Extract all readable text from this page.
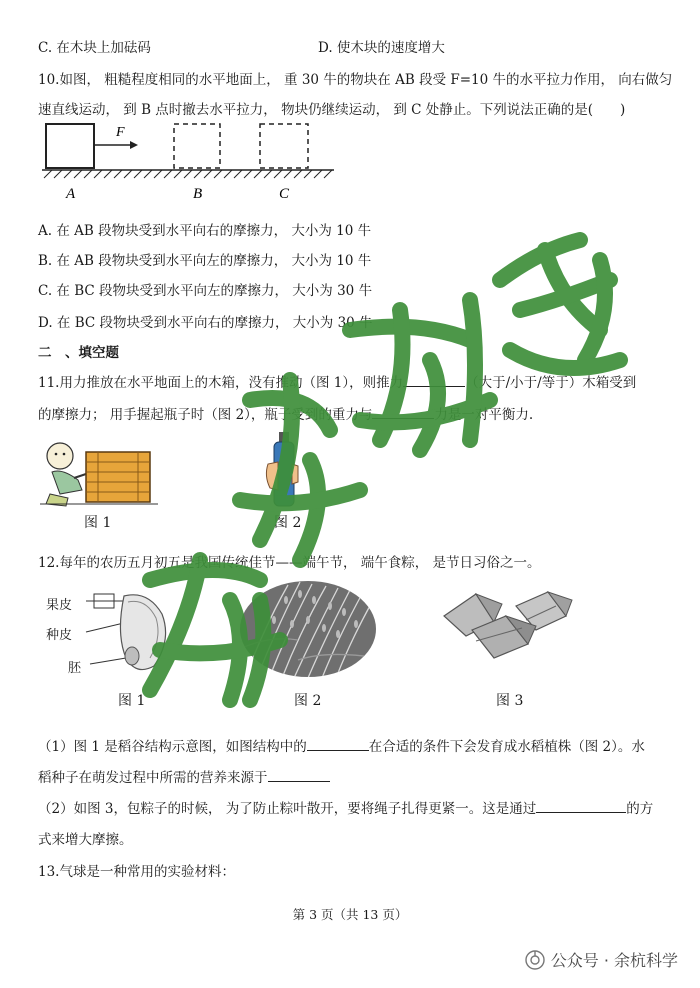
C. 在木块上加砝码	D. 使木块的速度增大
10.如图， 粗糙程度相同的水平地面上， 重 30 牛的物块在 AB 段受 F=10 牛的水平拉力作用， 向右做匀
速直线运动， 到 B 点时撤去水平拉力， 物块仍继续运动， 到 C 处静止。下列说法正确的是(　　)
F
A	B	C
A. 在 AB 段物块受到水平向右的摩擦力， 大小为 10 牛
B. 在 AB 段物块受到水平向左的摩擦力， 大小为 10 牛
C. 在 BC 段物块受到水平向左的摩擦力， 大小为 30 牛
D. 在 BC 段物块受到水平向右的摩擦力， 大小为 30 牛
二　、填空题
11.用力推放在水平地面上的木箱，没有推动（图 1），则推力	（大于/小于/等于）木箱受到
的摩擦力； 用手握起瓶子时（图 2），瓶子受到的重力与	力是一对平衡力.
图 1	图 2
12.每年的农历五月初五是我国传统佳节——端午节， 端午食粽， 是节日习俗之一。
果皮
种皮
胚
图 1	图 2	图 3
（1）图 1 是稻谷结构示意图，如图结构中的	在合适的条件下会发育成水稻植株（图 2）。水
稻种子在萌发过程中所需的营养来源于
（2）如图 3，包粽子的时候， 为了防止粽叶散开，要将绳子扎得更紧一。这是通过	的方
式来增大摩擦。
13.气球是一种常用的实验材料：
第 3 页（共 13 页）
公众号 · 余杭科学
